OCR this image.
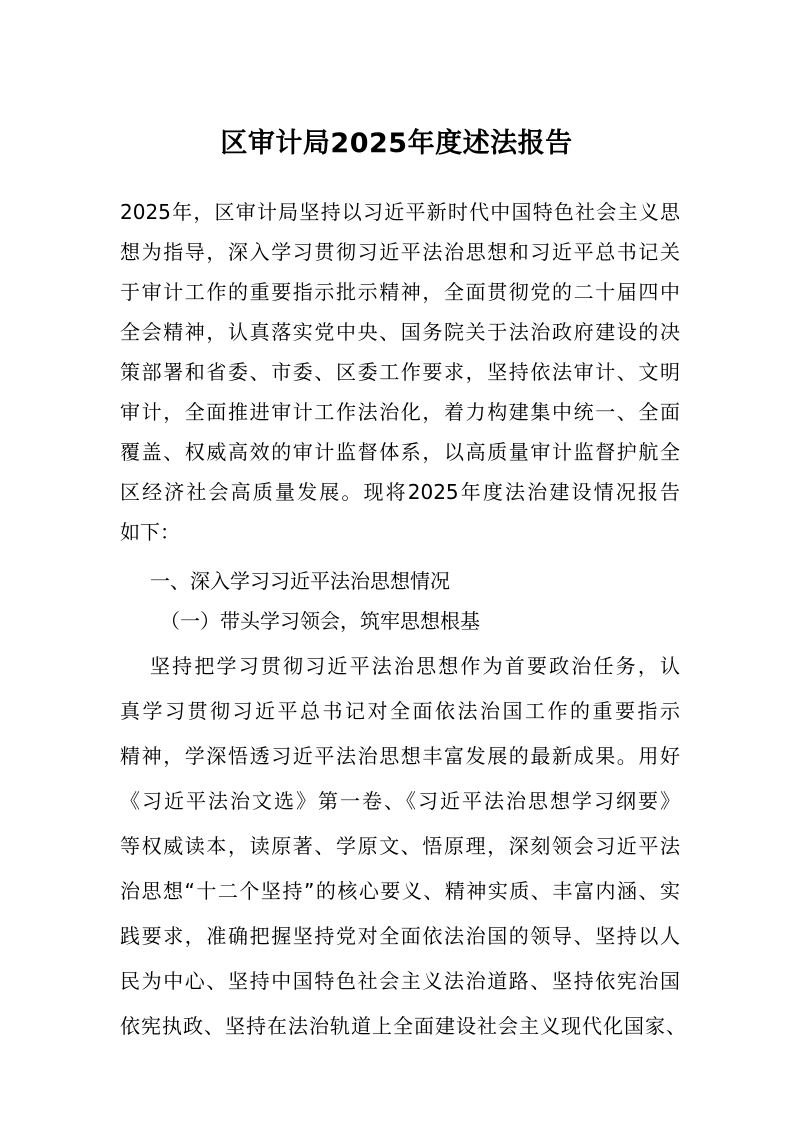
区审计局2025年度述法报告
2025年，区审计局坚持以习近平新时代中国特色社会主义思
想为指导，深入学习贯彻习近平法治思想和习近平总书记关
于审计工作的重要指示批示精神，全面贯彻党的二十届四中
全会精神，认真落实党中央、国务院关于法治政府建设的决
策部署和省委、市委、区委工作要求，坚持依法审计、文明
审计，全面推进审计工作法治化，着力构建集中统一、全面
覆盖、权威高效的审计监督体系，以高质量审计监督护航全
区经济社会高质量发展。现将2025年度法治建设情况报告
如下：
一、深入学习习近平法治思想情况
（一）带头学习领会，筑牢思想根基
坚持把学习贯彻习近平法治思想作为首要政治任务，认
真学习贯彻习近平总书记对全面依法治国工作的重要指示
精神，学深悟透习近平法治思想丰富发展的最新成果。用好
《习近平法治文选》第一卷、《习近平法治思想学习纲要》
等权威读本，读原著、学原文、悟原理，深刻领会习近平法
治思想“十二个坚持”的核心要义、精神实质、丰富内涵、实
践要求，准确把握坚持党对全面依法治国的领导、坚持以人
民为中心、坚持中国特色社会主义法治道路、坚持依宪治国
依宪执政、坚持在法治轨道上全面建设社会主义现代化国家、
